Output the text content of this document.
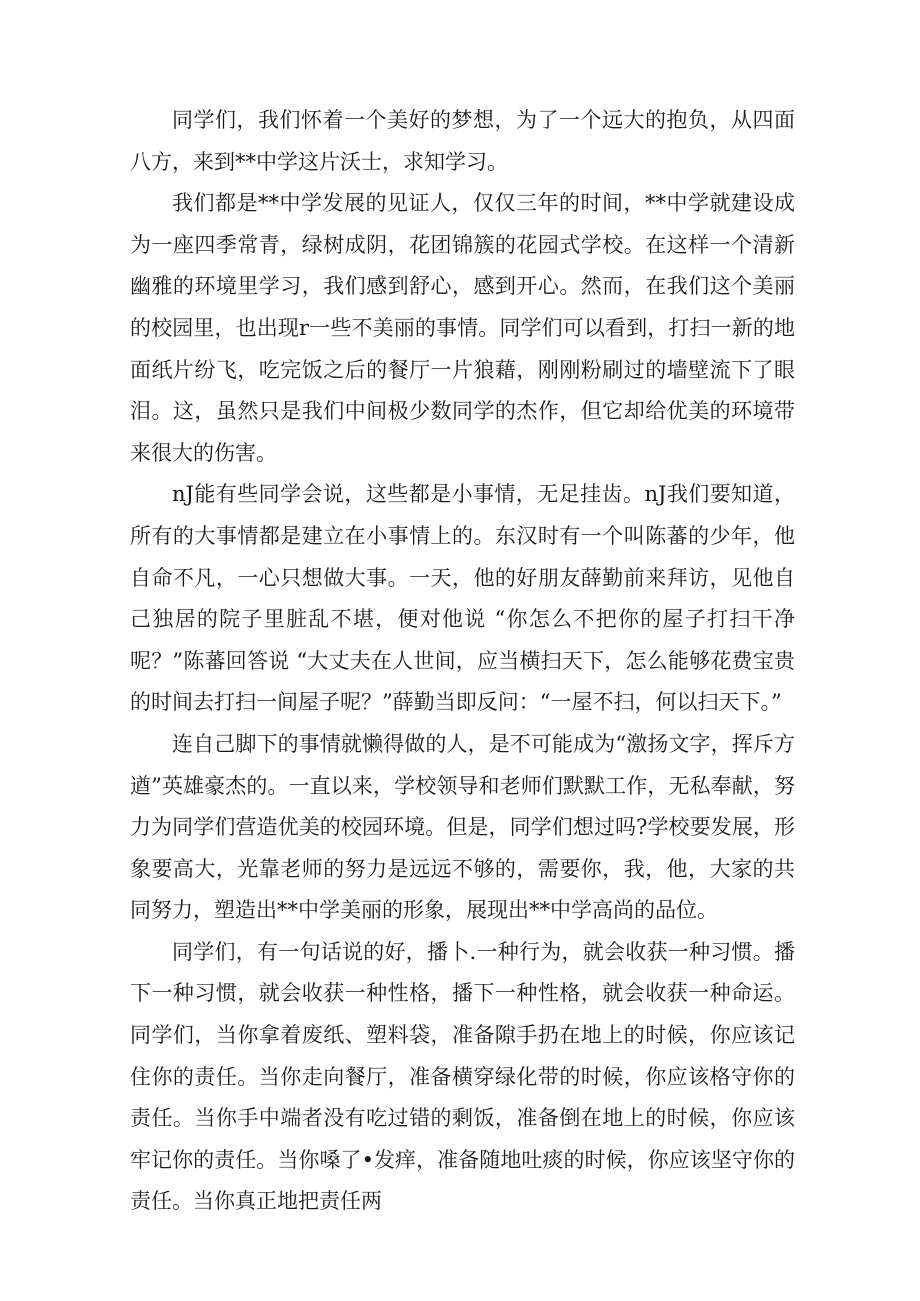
同学们，我们怀着一个美好的梦想，为了一个远大的抱负，从四面八方，来到**中学这片沃士，求知学习。

我们都是**中学发展的见证人，仅仅三年的时间，**中学就建设成为一座四季常青，绿树成阴，花团锦簇的花园式学校。在这样一个清新幽雅的环境里学习，我们感到舒心，感到开心。然而，在我们这个美丽的校园里，也出现r一些不美丽的事情。同学们可以看到，打扫一新的地面纸片纷飞，吃完饭之后的餐厅一片狼藉，刚刚粉刷过的墙壁流下了眼泪。这，虽然只是我们中间极少数同学的杰作，但它却给优美的环境带来很大的伤害。

nJ能有些同学会说，这些都是小事情，无足挂齿。nJ我们要知道，所有的大事情都是建立在小事情上的。东汉时有一个叫陈蕃的少年，他自命不凡，一心只想做大事。一天，他的好朋友薛勤前来拜访，见他自己独居的院子里脏乱不堪，便对他说 “你怎么不把你的屋子打扫干净呢？”陈蕃回答说 “大丈夫在人世间，应当横扫天下，怎么能够花费宝贵的时间去打扫一间屋子呢？”薛勤当即反问：“一屋不扫，何以扫天下。”

连自己脚下的事情就懒得做的人，是不可能成为“激扬文字，挥斥方遒”英雄豪杰的。一直以来，学校领导和老师们默默工作，无私奉献，努力为同学们营造优美的校园环境。但是，同学们想过吗?学校要发展，形象要高大，光靠老师的努力是远远不够的，需要你，我，他，大家的共同努力，塑造出**中学美丽的形象，展现出**中学高尚的品位。

同学们，有一句话说的好，播卜.一种行为，就会收获一种习惯。播下一种习惯，就会收获一种性格，播下一种性格，就会收获一种命运。同学们，当你拿着废纸、塑料袋，准备隙手扔在地上的时候，你应该记住你的责任。当你走向餐厅，准备横穿绿化带的时候，你应该格守你的责任。当你手中端者没有吃过错的剩饭，准备倒在地上的时候，你应该牢记你的责任。当你嗓了•发痒，准备随地吐痰的时候，你应该坚守你的责任。当你真正地把责任两
